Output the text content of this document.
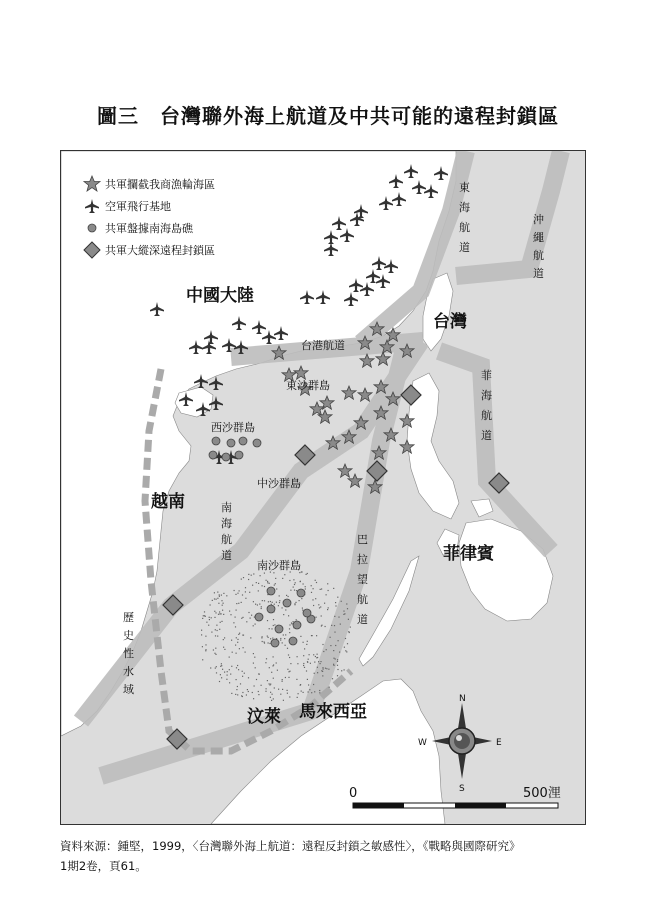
圖三　台灣聯外海上航道及中共可能的遠程封鎖區
中國大陸
台灣
越南
菲律賓
汶萊 馬來西亞
東沙群島
西沙群島
中沙群島
南沙群島
東海航道
沖繩航道
台港航道
菲海航道
南海航道
巴拉望航道
歷史性水域
N
S
E
W
0	500浬
共軍攔截我商漁輪海區
空軍飛行基地
共軍盤據南海島礁
共軍大縱深遠程封鎖區
資料來源：鍾堅，1999，〈台灣聯外海上航道：遠程反封鎖之敏感性〉，《戰略與國際研究》
1期2卷，頁61。
